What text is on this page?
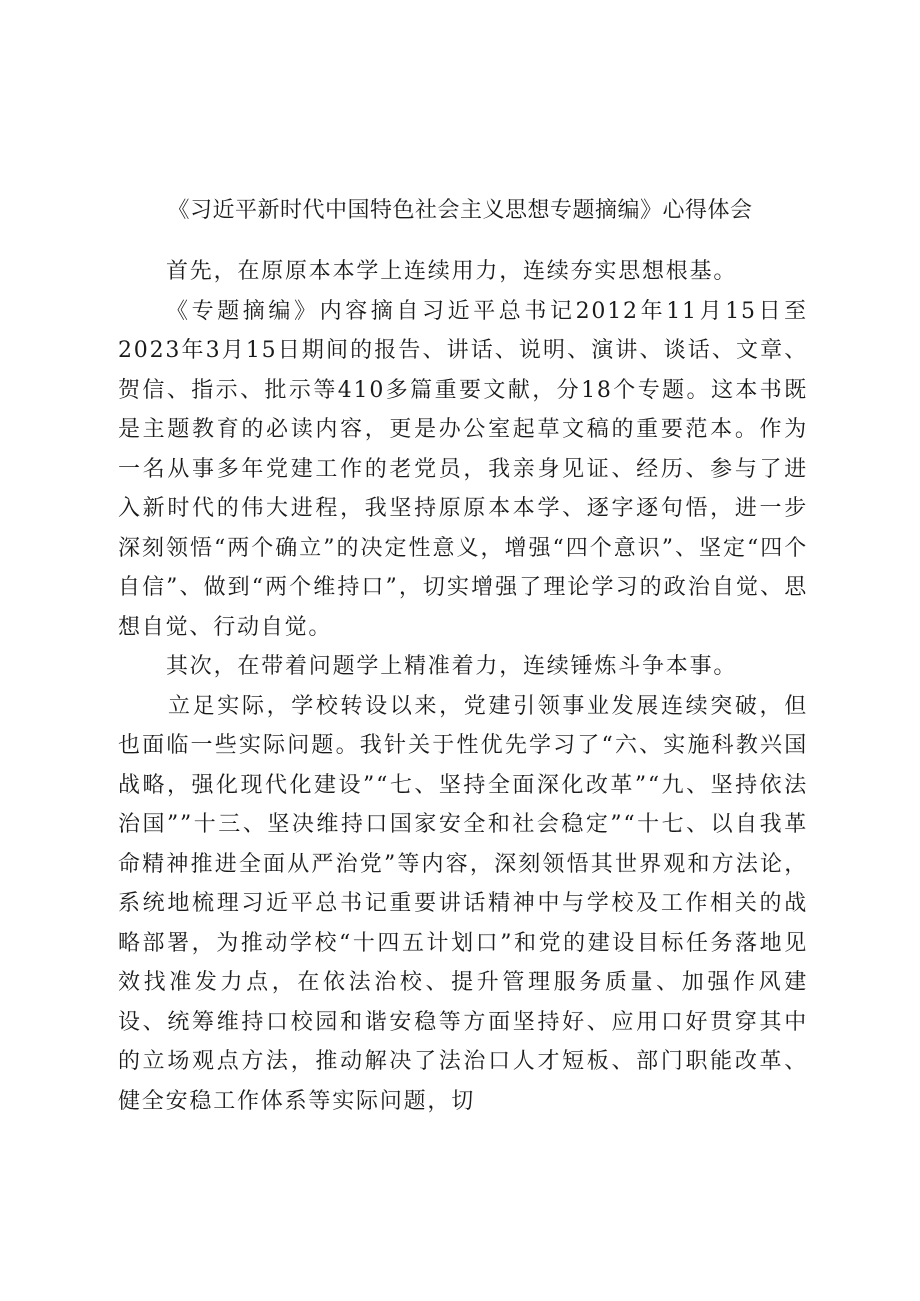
《习近平新时代中国特色社会主义思想专题摘编》心得体会

首先，在原原本本学上连续用力，连续夯实思想根基。

《专题摘编》内容摘自习近平总书记2012年11月15日至2023年3月15日期间的报告、讲话、说明、演讲、谈话、文章、贺信、指示、批示等410多篇重要文献，分18个专题。这本书既是主题教育的必读内容，更是办公室起草文稿的重要范本。作为一名从事多年党建工作的老党员，我亲身见证、经历、参与了进入新时代的伟大进程，我坚持原原本本学、逐字逐句悟，进一步深刻领悟“两个确立”的决定性意义，增强“四个意识”、坚定“四个自信”、做到“两个维持口”，切实增强了理论学习的政治自觉、思想自觉、行动自觉。

其次，在带着问题学上精准着力，连续锤炼斗争本事。

立足实际，学校转设以来，党建引领事业发展连续突破，但也面临一些实际问题。我针关于性优先学习了“六、实施科教兴国战略，强化现代化建设”“七、坚持全面深化改革”“九、坚持依法治国””十三、坚决维持口国家安全和社会稳定”“十七、以自我革命精神推进全面从严治党”等内容，深刻领悟其世界观和方法论，系统地梳理习近平总书记重要讲话精神中与学校及工作相关的战略部署，为推动学校“十四五计划口”和党的建设目标任务落地见效找准发力点，在依法治校、提升管理服务质量、加强作风建设、统筹维持口校园和谐安稳等方面坚持好、应用口好贯穿其中的立场观点方法，推动解决了法治口人才短板、部门职能改革、健全安稳工作体系等实际问题，切
